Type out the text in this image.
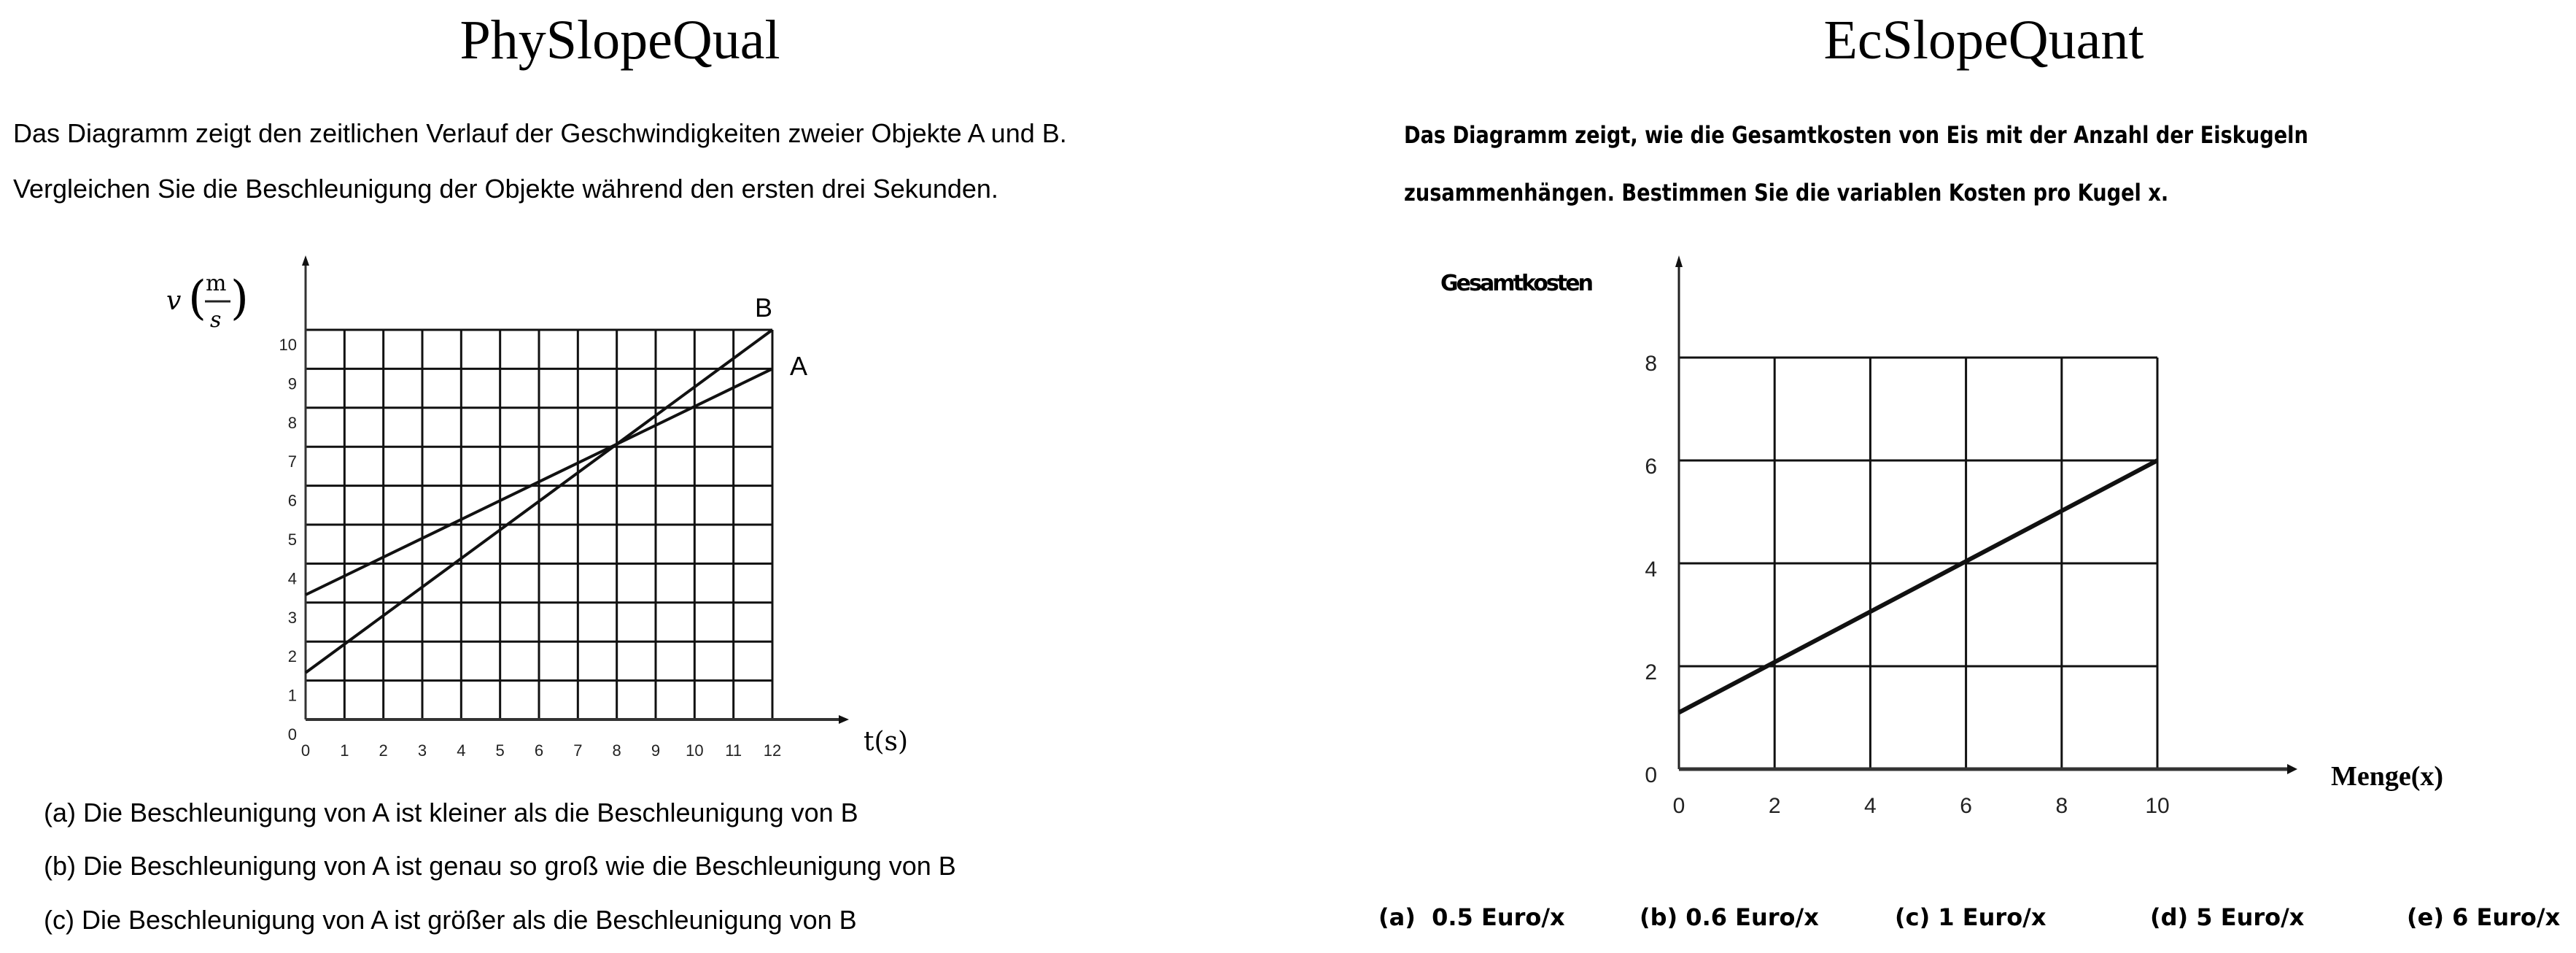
PhySlopeQual
Das Diagramm zeigt den zeitlichen Verlauf der Geschwindigkeiten zweier Objekte A und B.
Vergleichen Sie die Beschleunigung der Objekte während den ersten drei Sekunden.
B
A
0
1
2
3
4
5
6
7
8
9
10
0 1 2 3 4 5 6 7 8 9 10 11 12
v ( m
s )
t(s)
(a) Die Beschleunigung von A ist kleiner als die Beschleunigung von B
(b) Die Beschleunigung von A ist genau so groß wie die Beschleunigung von B
(c) Die Beschleunigung von A ist größer als die Beschleunigung von B
EcSlopeQuant
Das Diagramm zeigt, wie die Gesamtkosten von Eis mit der Anzahl der Eiskugeln
zusammenhängen. Bestimmen Sie die variablen Kosten pro Kugel x.
0
2
4
6
8
0	2	4	6	8	10
Gesamtkosten
Menge(x)
(a)  0.5 Euro/x	(b) 0.6 Euro/x	(c) 1 Euro/x	(d) 5 Euro/x	(e) 6 Euro/x
